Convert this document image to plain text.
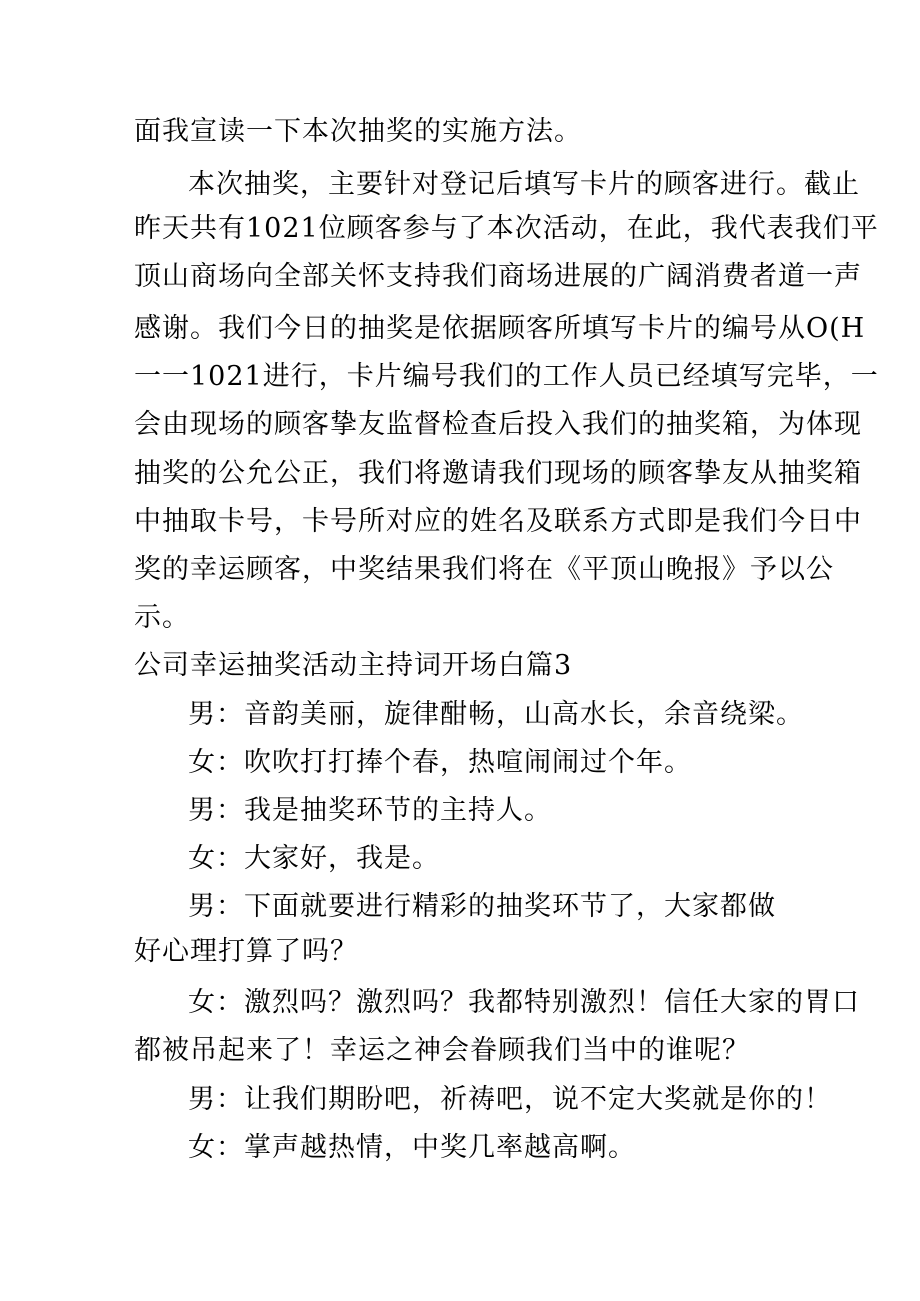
面我宣读一下本次抽奖的实施方法。
本次抽奖，主要针对登记后填写卡片的顾客进行。截止
昨天共有1021位顾客参与了本次活动，在此，我代表我们平
顶山商场向全部关怀支持我们商场进展的广阔消费者道一声
感谢。我们今日的抽奖是依据顾客所填写卡片的编号从O(H
一一1021进行，卡片编号我们的工作人员已经填写完毕，一
会由现场的顾客挚友监督检查后投入我们的抽奖箱，为体现
抽奖的公允公正，我们将邀请我们现场的顾客挚友从抽奖箱
中抽取卡号，卡号所对应的姓名及联系方式即是我们今日中
奖的幸运顾客，中奖结果我们将在《平顶山晚报》予以公
示。
公司幸运抽奖活动主持词开场白篇3
男：音韵美丽，旋律酣畅，山高水长，余音绕梁。
女：吹吹打打捧个春，热喧闹闹过个年。
男：我是抽奖环节的主持人。
女：大家好，我是。
男：下面就要进行精彩的抽奖环节了，大家都做
好心理打算了吗？
女：激烈吗？激烈吗？我都特别激烈！信任大家的胃口
都被吊起来了！幸运之神会眷顾我们当中的谁呢？
男：让我们期盼吧，祈祷吧，说不定大奖就是你的！
女：掌声越热情，中奖几率越高啊。
